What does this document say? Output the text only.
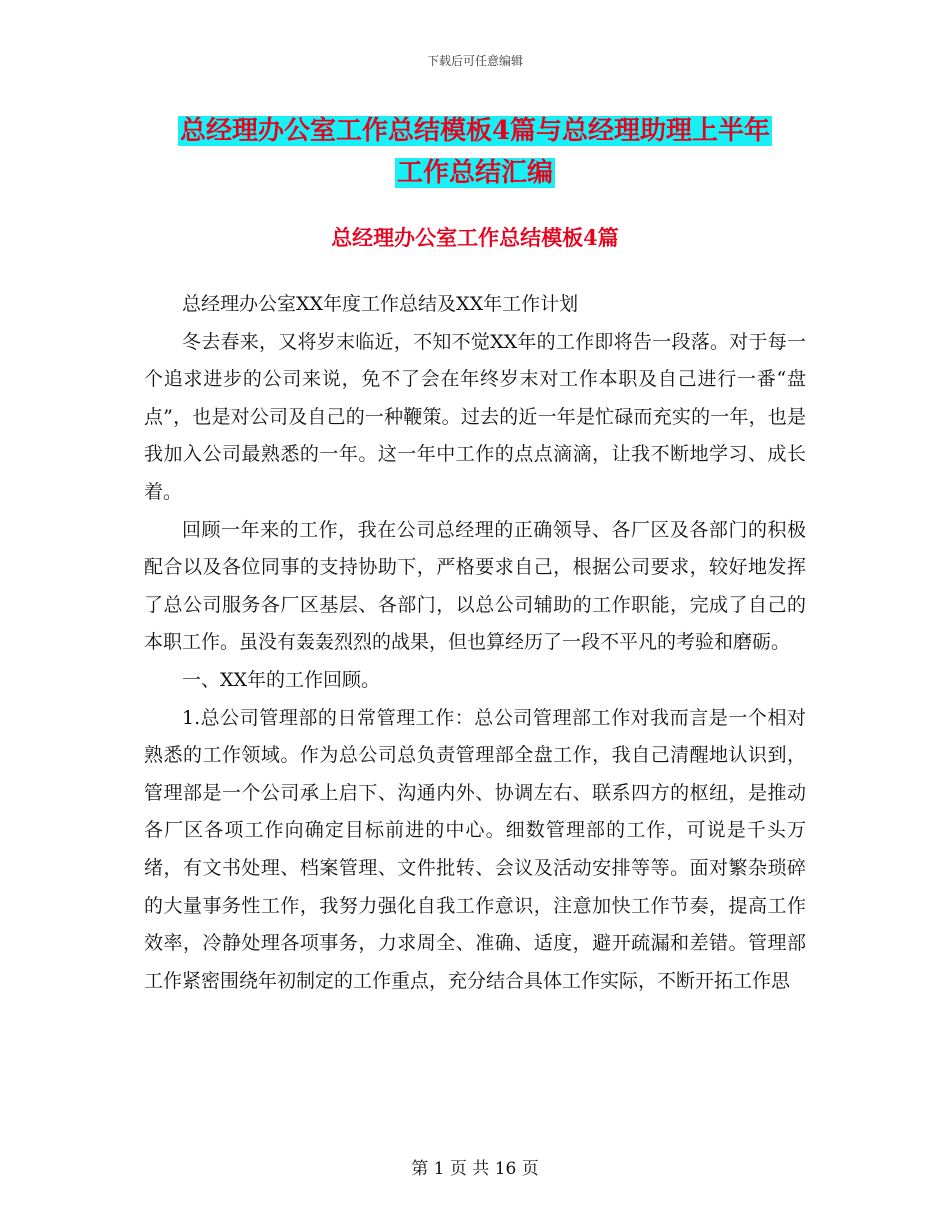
下载后可任意编辑
总经理办公室工作总结模板4篇与总经理助理上半年
工作总结汇编
总经理办公室工作总结模板4篇

总经理办公室XX年度工作总结及XX年工作计划

冬去春来，又将岁末临近，不知不觉XX年的工作即将告一段落。对于每一个追求进步的公司来说，免不了会在年终岁末对工作本职及自己进行一番“盘点”，也是对公司及自己的一种鞭策。过去的近一年是忙碌而充实的一年，也是我加入公司最熟悉的一年。这一年中工作的点点滴滴，让我不断地学习、成长着。

回顾一年来的工作，我在公司总经理的正确领导、各厂区及各部门的积极配合以及各位同事的支持协助下，严格要求自己，根据公司要求，较好地发挥了总公司服务各厂区基层、各部门，以总公司辅助的工作职能，完成了自己的本职工作。虽没有轰轰烈烈的战果，但也算经历了一段不平凡的考验和磨砺。

一、XX年的工作回顾。

1.总公司管理部的日常管理工作：总公司管理部工作对我而言是一个相对熟悉的工作领域。作为总公司总负责管理部全盘工作，我自己清醒地认识到，管理部是一个公司承上启下、沟通内外、协调左右、联系四方的枢纽，是推动各厂区各项工作向确定目标前进的中心。细数管理部的工作，可说是千头万绪，有文书处理、档案管理、文件批转、会议及活动安排等等。面对繁杂琐碎的大量事务性工作，我努力强化自我工作意识，注意加快工作节奏，提高工作效率，冷静处理各项事务，力求周全、准确、适度，避开疏漏和差错。管理部工作紧密围绕年初制定的工作重点，充分结合具体工作实际，不断开拓工作思

第 1 页 共 16 页
